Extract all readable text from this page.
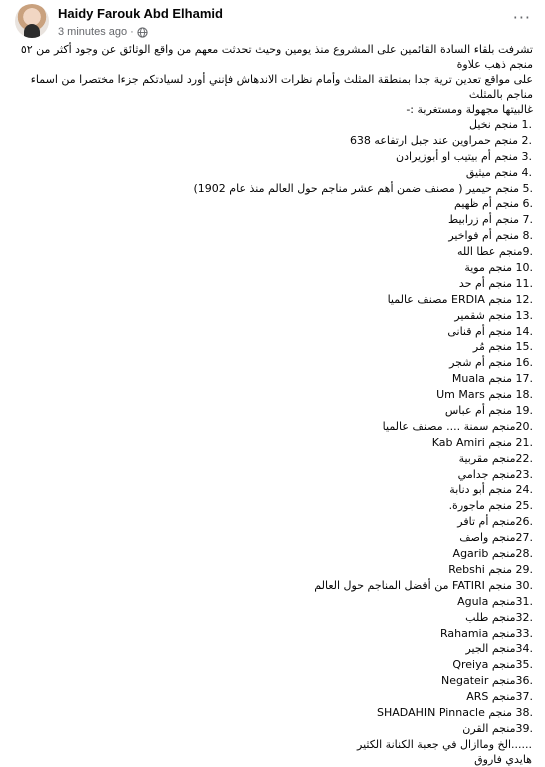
Haidy Farouk Abd Elhamid
3 minutes ago ·
···

تشرفت بلقاء السادة القائمين على المشروع منذ يومين وحيث تحدثت معهم من واقع الوثائق عن وجود أكثر من ٥٢ منجم ذهب علاوة

على مواقع تعدين ترية جدا بمنطقة المثلث وأمام نظرات الاندهاش فإنني أورد لسيادتكم جزءا مختصرا من اسماء مناجم بالمثلث

غالبيتها مجهولة ومستغربة :-

.1 منجم نخيل
.2 منجم حمراوين عند جبل ارتفاعه 638
.3 منجم أم بيتيب او أبوزيرادن
.4 منجم ميثيق
.5 منجم حيمير ( مصنف ضمن أهم عشر مناجم حول العالم منذ عام 1902)
.6 منجم أم ظهيم
.7 منجم أم زرابيط
.8 منجم أم فواخير
.9منجم عطا الله
.10 منجم موية
.11 منجم أم حد
.12 منجم ERDIA مصنف عالميا
.13 منجم شقمير
.14 منجم أم قنانى
.15 منجم مُر
.16 منجم أم شجر
.17 منجم Muala
.18 منجم Um Mars
.19 منجم أم عباس
.20منجم سمنة .... مصنف عالميا
.21 منجم Kab Amiri
.22منجم مقربية
.23منجم جدامي
.24 منجم أبو دنابة
.25 منجم ماجورة.
.26منجم أم تافر
.27منجم واصف
.28منجم Agarib
.29 منجم Rebshi
.30 منجم FATIRI من أفضل المناجم حول العالم
.31منجم Agula
.32منجم طلب
.33منجم Rahamia
.34منجم الجير
.35منجم Qreiya
.36منجم Negateir
.37منجم ARS
.38 منجم SHADAHIN Pinnacle
.39منجم القرن
......الخ وماازال في جعبة الكنانة الكثير
هايدي فاروق
